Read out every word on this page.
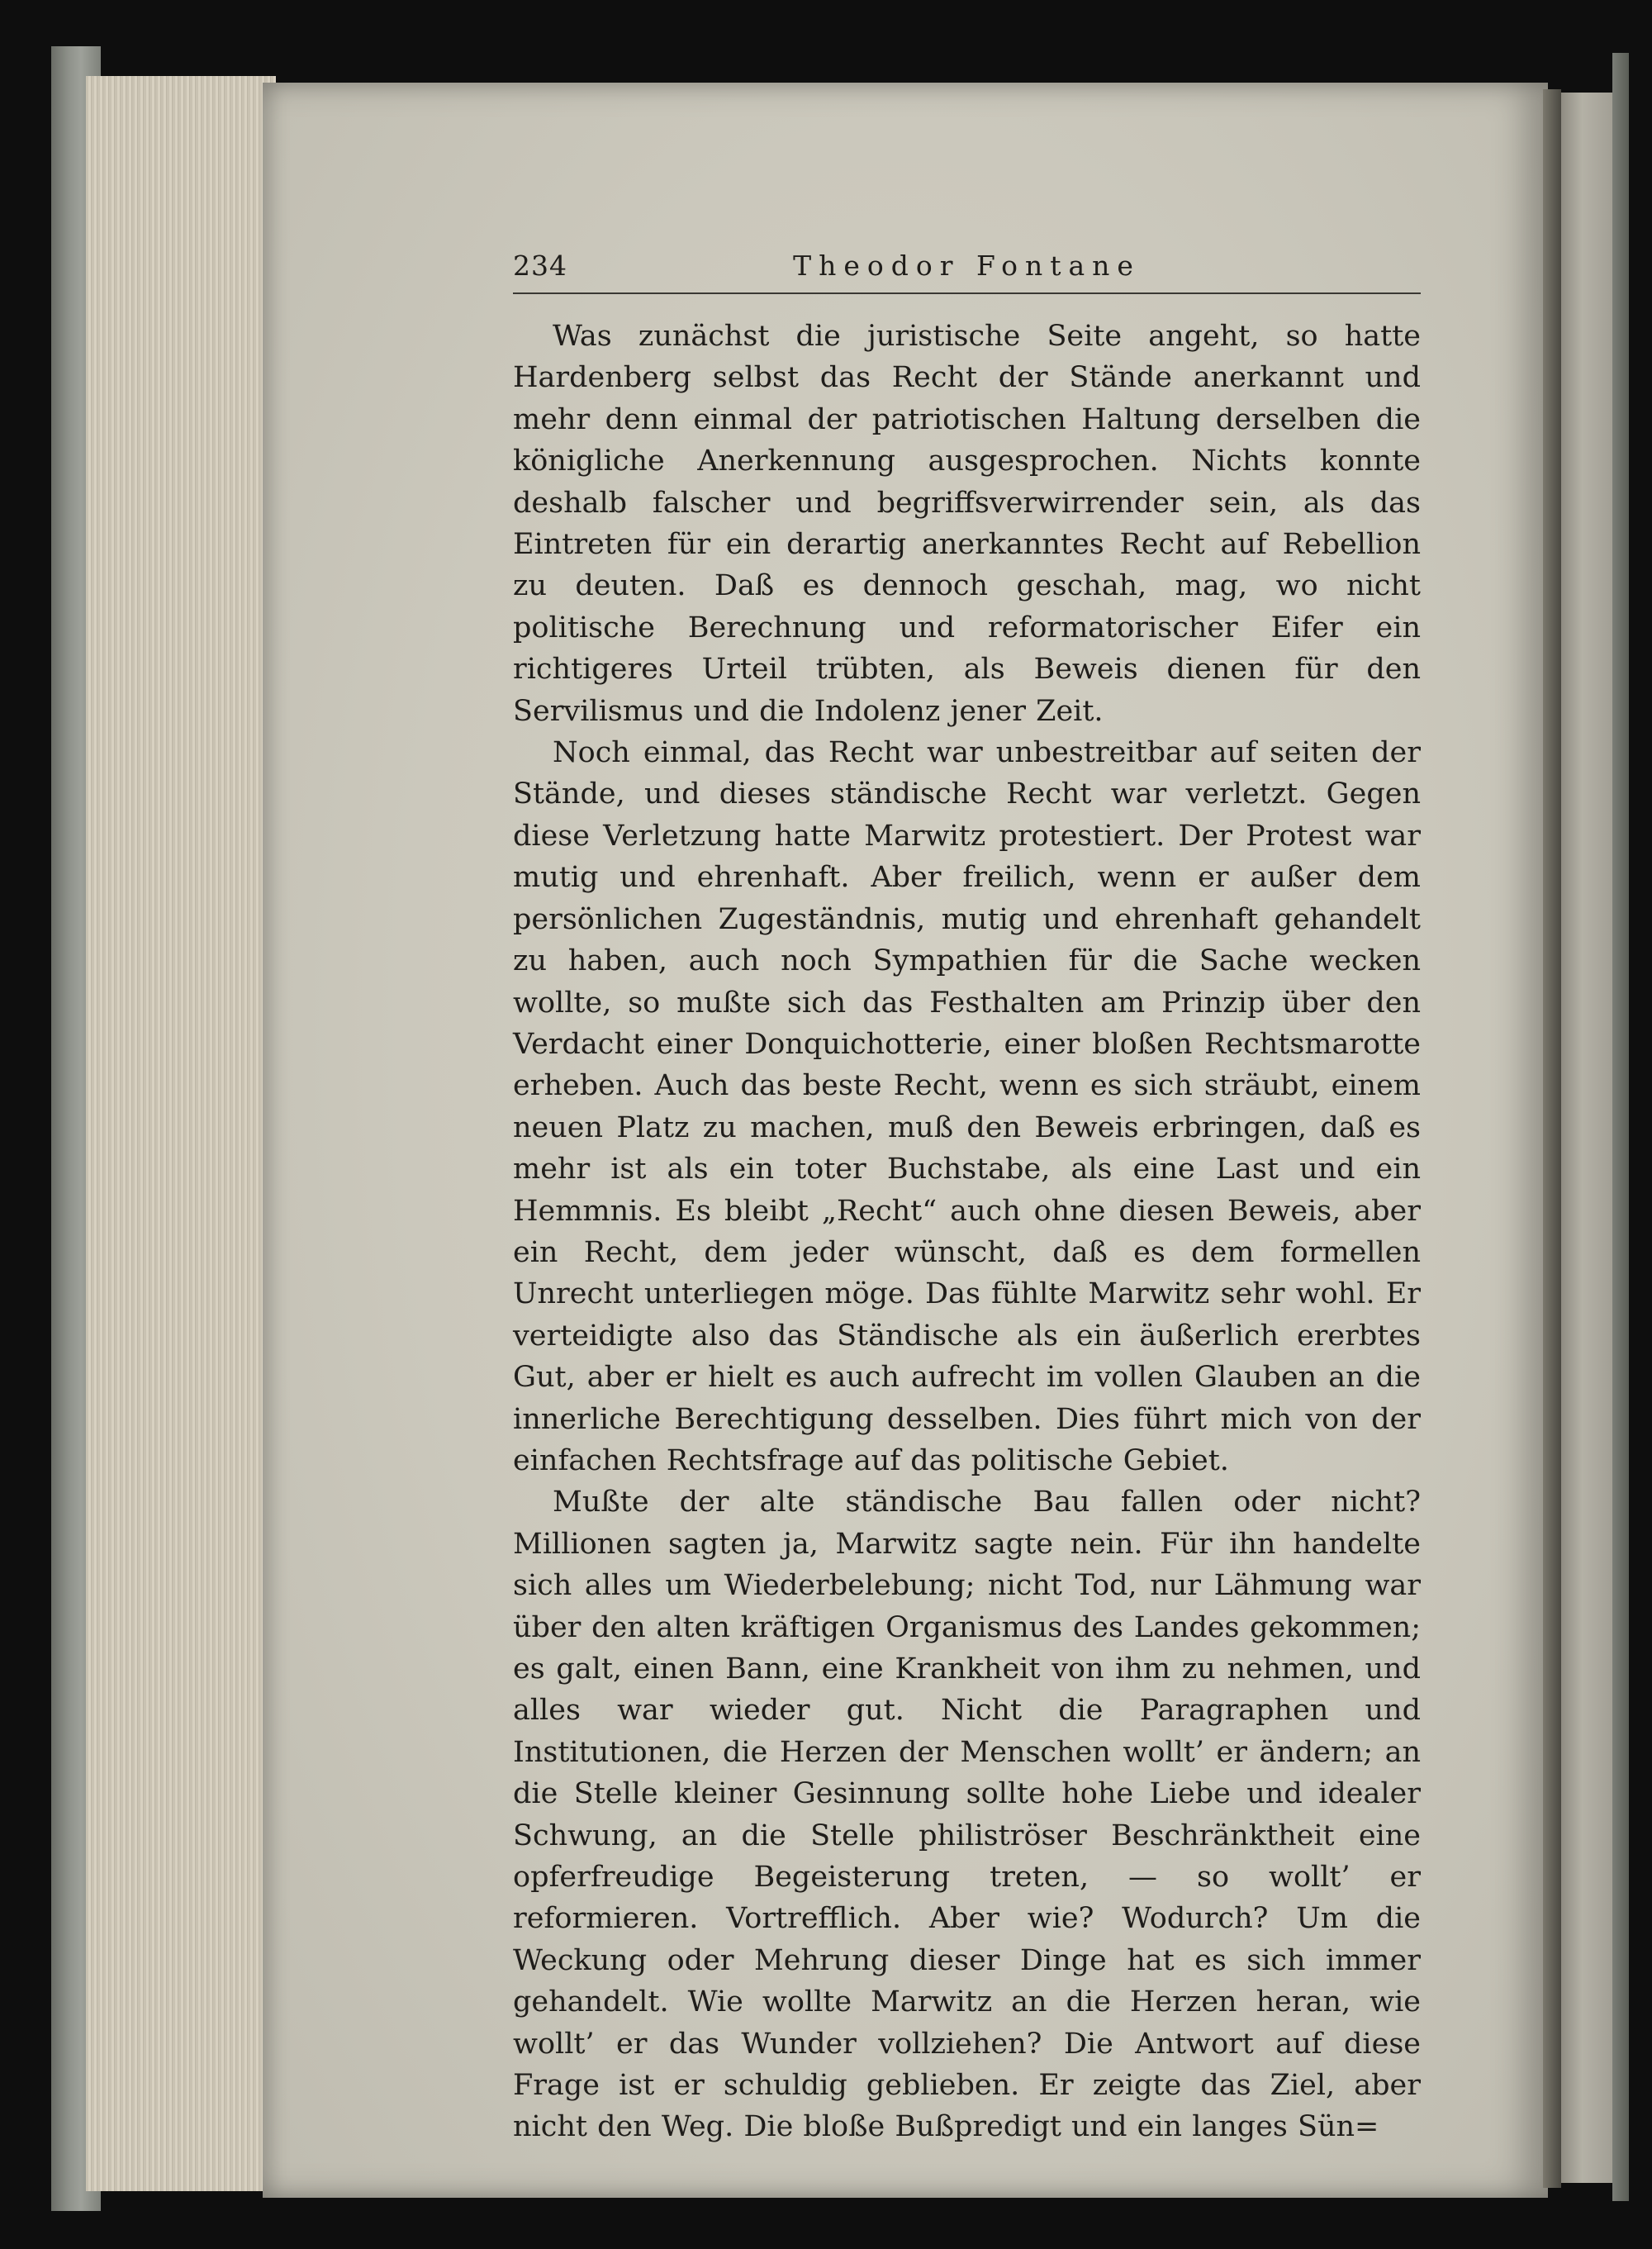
234	Theodor Fontane

Was zunächst die juristische Seite angeht, so hatte Hardenberg selbst das Recht der Stände anerkannt und mehr denn einmal der patriotischen Haltung derselben die königliche Anerkennung ausgesprochen. Nichts konnte deshalb falscher und begriffsverwirrender sein, als das Eintreten für ein derartig anerkanntes Recht auf Rebellion zu deuten. Daß es dennoch geschah, mag, wo nicht politische Berechnung und reformatorischer Eifer ein richtigeres Urteil trübten, als Beweis dienen für den Servilismus und die Indolenz jener Zeit.

Noch einmal, das Recht war unbestreitbar auf seiten der Stände, und dieses ständische Recht war verletzt. Gegen diese Verletzung hatte Marwitz protestiert. Der Protest war mutig und ehrenhaft. Aber freilich, wenn er außer dem persönlichen Zugeständnis, mutig und ehrenhaft gehandelt zu haben, auch noch Sympathien für die Sache wecken wollte, so mußte sich das Festhalten am Prinzip über den Verdacht einer Donquichotterie, einer bloßen Rechtsmarotte erheben. Auch das beste Recht, wenn es sich sträubt, einem neuen Platz zu machen, muß den Beweis erbringen, daß es mehr ist als ein toter Buchstabe, als eine Last und ein Hemmnis. Es bleibt „Recht“ auch ohne diesen Beweis, aber ein Recht, dem jeder wünscht, daß es dem formellen Unrecht unterliegen möge. Das fühlte Marwitz sehr wohl. Er verteidigte also das Ständische als ein äußerlich ererbtes Gut, aber er hielt es auch aufrecht im vollen Glauben an die innerliche Berechtigung desselben. Dies führt mich von der einfachen Rechtsfrage auf das politische Gebiet.

Mußte der alte ständische Bau fallen oder nicht? Millionen sagten ja, Marwitz sagte nein. Für ihn handelte sich alles um Wiederbelebung; nicht Tod, nur Lähmung war über den alten kräftigen Organismus des Landes gekommen; es galt, einen Bann, eine Krankheit von ihm zu nehmen, und alles war wieder gut. Nicht die Paragraphen und Institutionen, die Herzen der Menschen wollt’ er ändern; an die Stelle kleiner Gesinnung sollte hohe Liebe und idealer Schwung, an die Stelle philiströser Beschränktheit eine opferfreudige Begeisterung treten, — so wollt’ er reformieren. Vortrefflich. Aber wie? Wodurch? Um die Weckung oder Mehrung dieser Dinge hat es sich immer gehandelt. Wie wollte Marwitz an die Herzen heran, wie wollt’ er das Wunder vollziehen? Die Antwort auf diese Frage ist er schuldig geblieben. Er zeigte das Ziel, aber nicht den Weg. Die bloße Bußpredigt und ein langes Sün=
